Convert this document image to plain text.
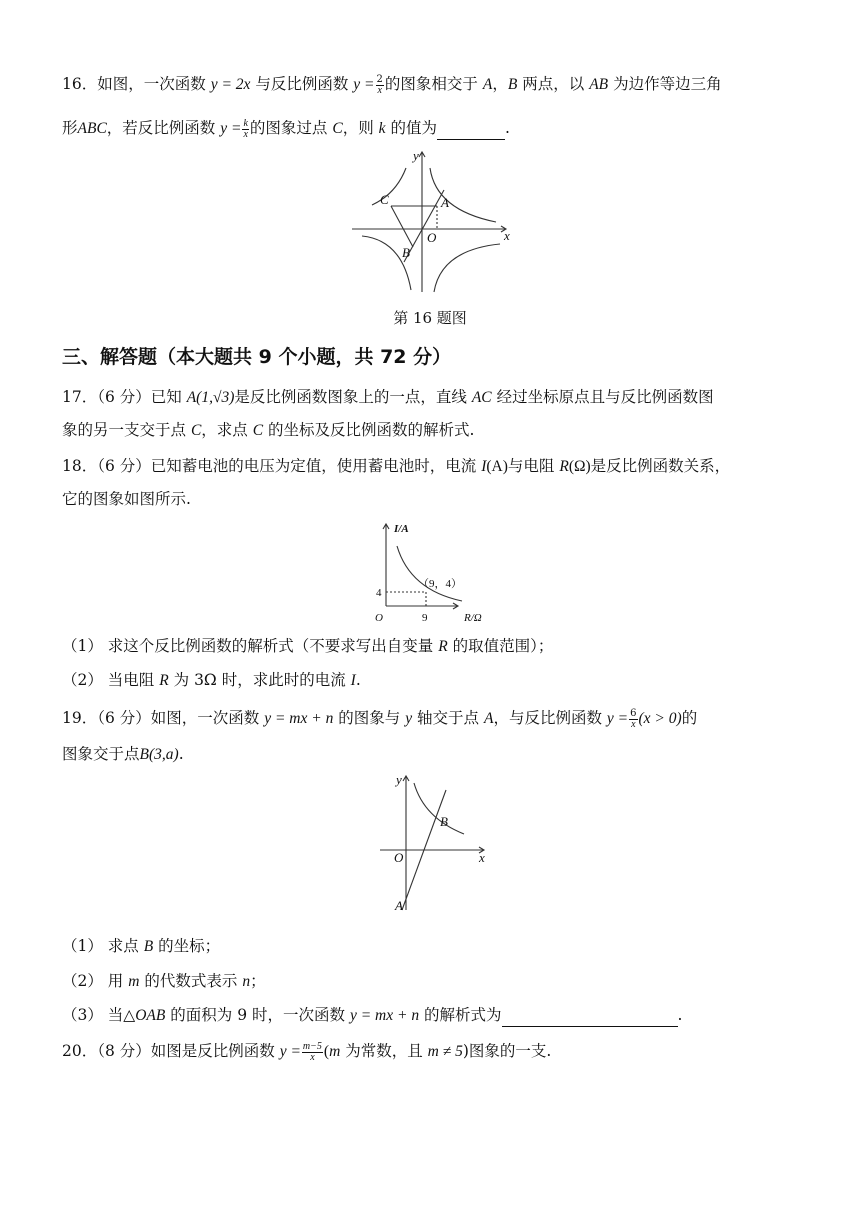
16．如图，一次函数 y = 2x 与反比例函数 $y = \frac{2}{x}$ 的图象相交于 A，B 两点，以 AB 为边作等边三角
形ABC，若反比例函数 $y = \frac{k}{x}$ 的图象过点 C，则 k 的值为	.
y
x
O
A
B
C
第 16 题图
三、解答题（本大题共 9 个小题，共 72 分）
17．（6 分）已知 A(1,√3)是反比例函数图象上的一点，直线 AC 经过坐标原点且与反比例函数图
象的另一支交于点 C，求点 C 的坐标及反比例函数的解析式.
18．（6 分）已知蓄电池的电压为定值，使用蓄电池时，电流 I(A)与电阻 R(Ω)是反比例函数关系，
它的图象如图所示.
I/A
R/Ω
O
4
9
（9，4）
（1） 求这个反比例函数的解析式（不要求写出自变量 R 的取值范围）；
（2） 当电阻 R 为 3Ω 时，求此时的电流 I.
19．（6 分）如图，一次函数 y = mx + n 的图象与 y 轴交于点 A，与反比例函数 $y = \frac{6}{x} (x > 0)$的
图象交于点B(3,a).
y
x
O
A
B
（1） 求点 B 的坐标；
（2） 用 m 的代数式表示 n；
（3） 当△OAB 的面积为 9 时，一次函数 y = mx + n 的解析式为	.
20．（8 分）如图是反比例函数 $y = \frac{m-5}{x} (m$ 为常数，且 m ≠ 5)图象的一支.
